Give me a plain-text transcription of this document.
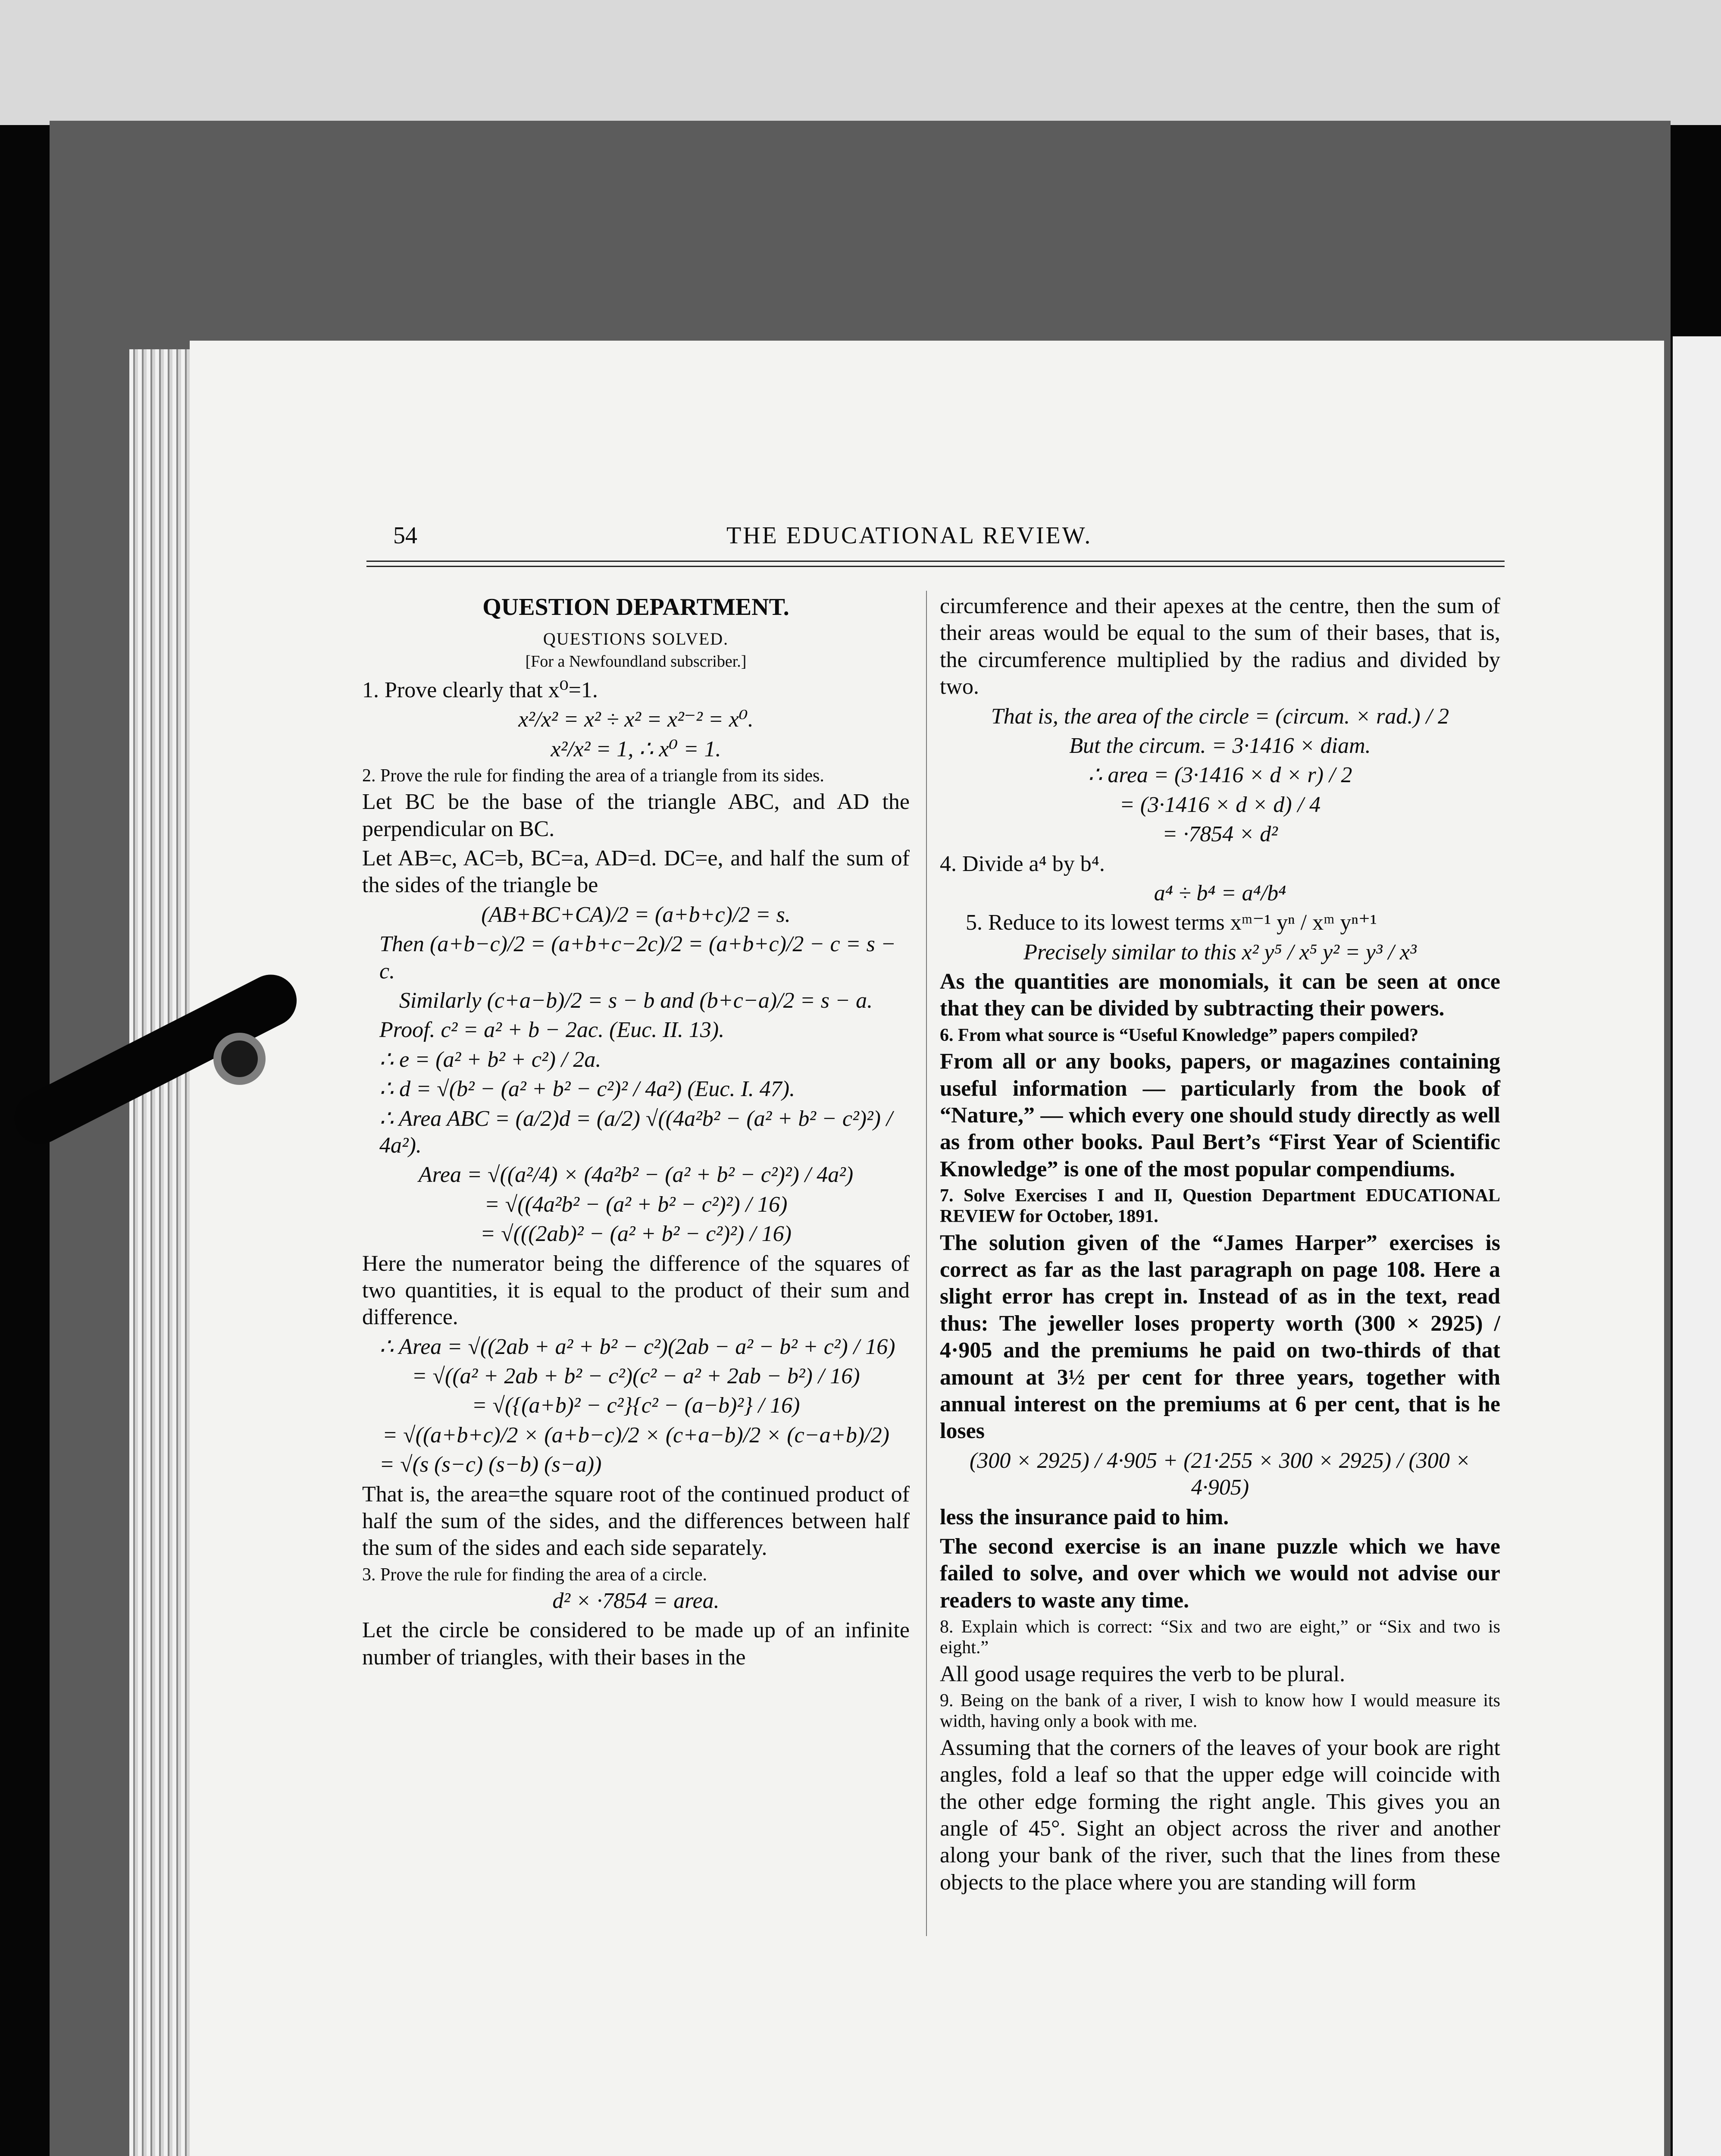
54	THE EDUCATIONAL REVIEW.
QUESTION DEPARTMENT.
QUESTIONS SOLVED.
[For a Newfoundland subscriber.]

1. Prove clearly that x⁰=1.

x²/x² = x² ÷ x² = x²⁻² = x⁰.
x²/x² = 1, ∴ x⁰ = 1.

2. Prove the rule for finding the area of a triangle from its sides.

Let BC be the base of the triangle ABC, and AD the perpendicular on BC.

Let AB=c, AC=b, BC=a, AD=d. DC=e, and half the sum of the sides of the triangle be

(AB+BC+CA)/2 = (a+b+c)/2 = s.
Then (a+b−c)/2 = (a+b+c−2c)/2 = (a+b+c)/2 − c = s − c.
Similarly (c+a−b)/2 = s − b and (b+c−a)/2 = s − a.
Proof. c² = a² + b − 2ac. (Euc. II. 13).
∴ e = (a² + b² + c²) / 2a.
∴ d = √(b² − (a² + b² − c²)² / 4a²) (Euc. I. 47).
∴ Area ABC = (a/2)d = (a/2) √((4a²b² − (a² + b² − c²)²) / 4a²).
Area = √((a²/4) × (4a²b² − (a² + b² − c²)²) / 4a²)
= √((4a²b² − (a² + b² − c²)²) / 16)
= √(((2ab)² − (a² + b² − c²)²) / 16)

Here the numerator being the difference of the squares of two quantities, it is equal to the product of their sum and difference.

∴ Area = √((2ab + a² + b² − c²)(2ab − a² − b² + c²) / 16)
= √((a² + 2ab + b² − c²)(c² − a² + 2ab − b²) / 16)
= √({(a+b)² − c²}{c² − (a−b)²} / 16)
= √((a+b+c)/2 × (a+b−c)/2 × (c+a−b)/2 × (c−a+b)/2)
= √(s (s−c) (s−b) (s−a))

That is, the area=the square root of the continued product of half the sum of the sides, and the differences between half the sum of the sides and each side separately.

3. Prove the rule for finding the area of a circle.

d² × ·7854 = area.

Let the circle be considered to be made up of an infinite number of triangles, with their bases in the

circumference and their apexes at the centre, then the sum of their areas would be equal to the sum of their bases, that is, the circumference multiplied by the radius and divided by two.

That is, the area of the circle = (circum. × rad.) / 2
But the circum. = 3·1416 × diam.
∴ area = (3·1416 × d × r) / 2
= (3·1416 × d × d) / 4
= ·7854 × d²

4. Divide a⁴ by b⁴.

a⁴ ÷ b⁴ = a⁴/b⁴

5. Reduce to its lowest terms xᵐ⁻¹ yⁿ / xᵐ yⁿ⁺¹

Precisely similar to this x² y⁵ / x⁵ y² = y³ / x³

As the quantities are monomials, it can be seen at once that they can be divided by subtracting their powers.

6. From what source is “Useful Knowledge” papers compiled?

From all or any books, papers, or magazines containing useful information — particularly from the book of “Nature,” — which every one should study directly as well as from other books. Paul Bert’s “First Year of Scientific Knowledge” is one of the most popular compendiums.

7. Solve Exercises I and II, Question Department EDUCATIONAL REVIEW for October, 1891.

The solution given of the “James Harper” exercises is correct as far as the last paragraph on page 108. Here a slight error has crept in. Instead of as in the text, read thus: The jeweller loses property worth (300 × 2925) / 4·905 and the premiums he paid on two-thirds of that amount at 3½ per cent for three years, together with annual interest on the premiums at 6 per cent, that is he loses

(300 × 2925) / 4·905 + (21·255 × 300 × 2925) / (300 × 4·905)

less the insurance paid to him.

The second exercise is an inane puzzle which we have failed to solve, and over which we would not advise our readers to waste any time.

8. Explain which is correct: “Six and two are eight,” or “Six and two is eight.”

All good usage requires the verb to be plural.

9. Being on the bank of a river, I wish to know how I would measure its width, having only a book with me.

Assuming that the corners of the leaves of your book are right angles, fold a leaf so that the upper edge will coincide with the other edge forming the right angle. This gives you an angle of 45°. Sight an object across the river and another along your bank of the river, such that the lines from these objects to the place where you are standing will form
